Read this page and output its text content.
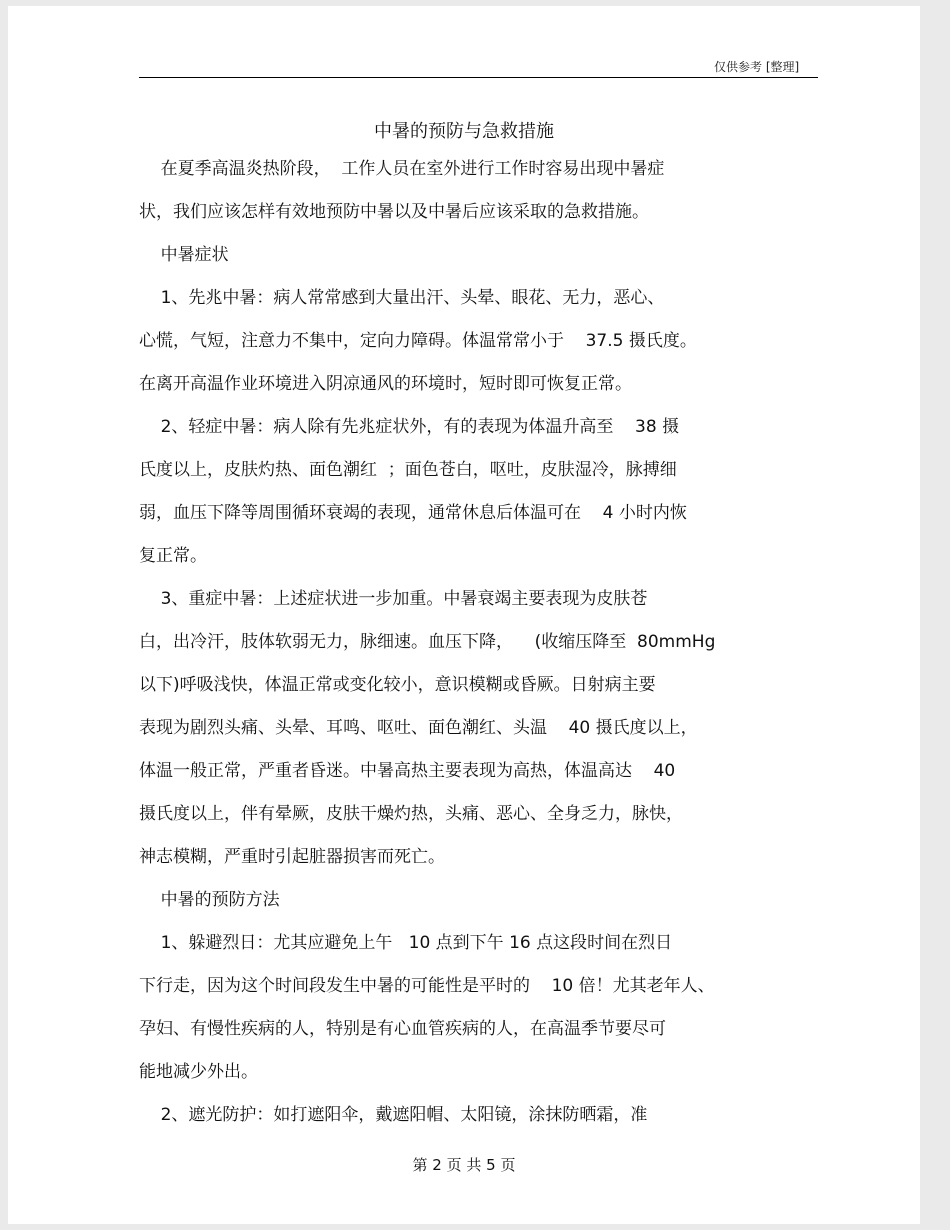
仅供参考 [整理]
中暑的预防与急救措施
在夏季高温炎热阶段，  工作人员在室外进行工作时容易出现中暑症
状，我们应该怎样有效地预防中暑以及中暑后应该采取的急救措施。
中暑症状
1、先兆中暑：病人常常感到大量出汗、头晕、眼花、无力，恶心、
心慌，气短，注意力不集中，定向力障碍。体温常常小于    37.5 摄氏度。
在离开高温作业环境进入阴凉通风的环境时，短时即可恢复正常。
2、轻症中暑：病人除有先兆症状外，有的表现为体温升高至    38 摄
氏度以上，皮肤灼热、面色潮红  ；面色苍白，呕吐，皮肤湿冷，脉搏细
弱，血压下降等周围循环衰竭的表现，通常休息后体温可在    4 小时内恢
复正常。
3、重症中暑：上述症状进一步加重。中暑衰竭主要表现为皮肤苍
白，出冷汗，肢体软弱无力，脉细速。血压下降，    (收缩压降至  80mmHg
以下)呼吸浅快，体温正常或变化较小，意识模糊或昏厥。日射病主要
表现为剧烈头痛、头晕、耳鸣、呕吐、面色潮红、头温    40 摄氏度以上，
体温一般正常，严重者昏迷。中暑高热主要表现为高热，体温高达    40
摄氏度以上，伴有晕厥，皮肤干燥灼热，头痛、恶心、全身乏力，脉快，
神志模糊，严重时引起脏器损害而死亡。
中暑的预防方法
1、躲避烈日：尤其应避免上午   10 点到下午 16 点这段时间在烈日
下行走，因为这个时间段发生中暑的可能性是平时的    10 倍！尤其老年人、
孕妇、有慢性疾病的人，特别是有心血管疾病的人，在高温季节要尽可
能地减少外出。
2、遮光防护：如打遮阳伞，戴遮阳帽、太阳镜，涂抹防晒霜，准
第 2 页 共 5 页
